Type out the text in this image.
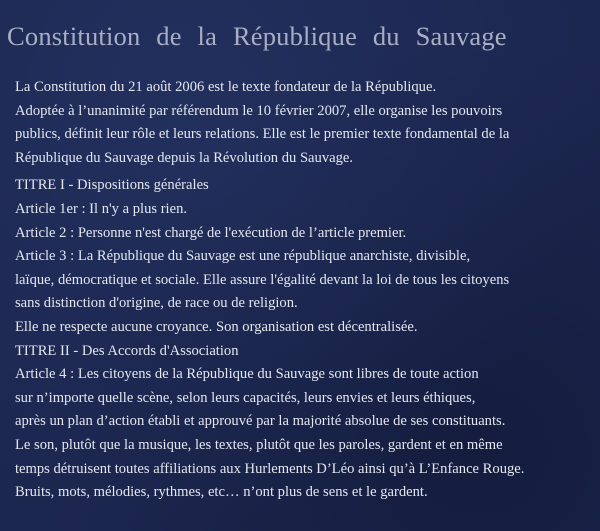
Constitution de la République du Sauvage
La Constitution du 21 août 2006 est le texte fondateur de la République.
Adoptée à l’unanimité par référendum le 10 février 2007, elle organise les pouvoirs
publics, définit leur rôle et leurs relations. Elle est le premier texte fondamental de la
République du Sauvage depuis la Révolution du Sauvage.
TITRE I - Dispositions générales
Article 1er : Il n'y a plus rien.
Article 2 : Personne n'est chargé de l'exécution de l’article premier.
Article 3 : La République du Sauvage est une république anarchiste, divisible,
laïque, démocratique et sociale. Elle assure l'égalité devant la loi de tous les citoyens
sans distinction d'origine, de race ou de religion.
Elle ne respecte aucune croyance. Son organisation est décentralisée.
TITRE II - Des Accords d'Association
Article 4 : Les citoyens de la République du Sauvage sont libres de toute action
sur n’importe quelle scène, selon leurs capacités, leurs envies et leurs éthiques,
après un plan d’action établi et approuvé par la majorité absolue de ses constituants.
Le son, plutôt que la musique, les textes, plutôt que les paroles, gardent et en même
temps détruisent toutes affiliations aux Hurlements D’Léo ainsi qu’à L’Enfance Rouge.
Bruits, mots, mélodies, rythmes, etc… n’ont plus de sens et le gardent.
